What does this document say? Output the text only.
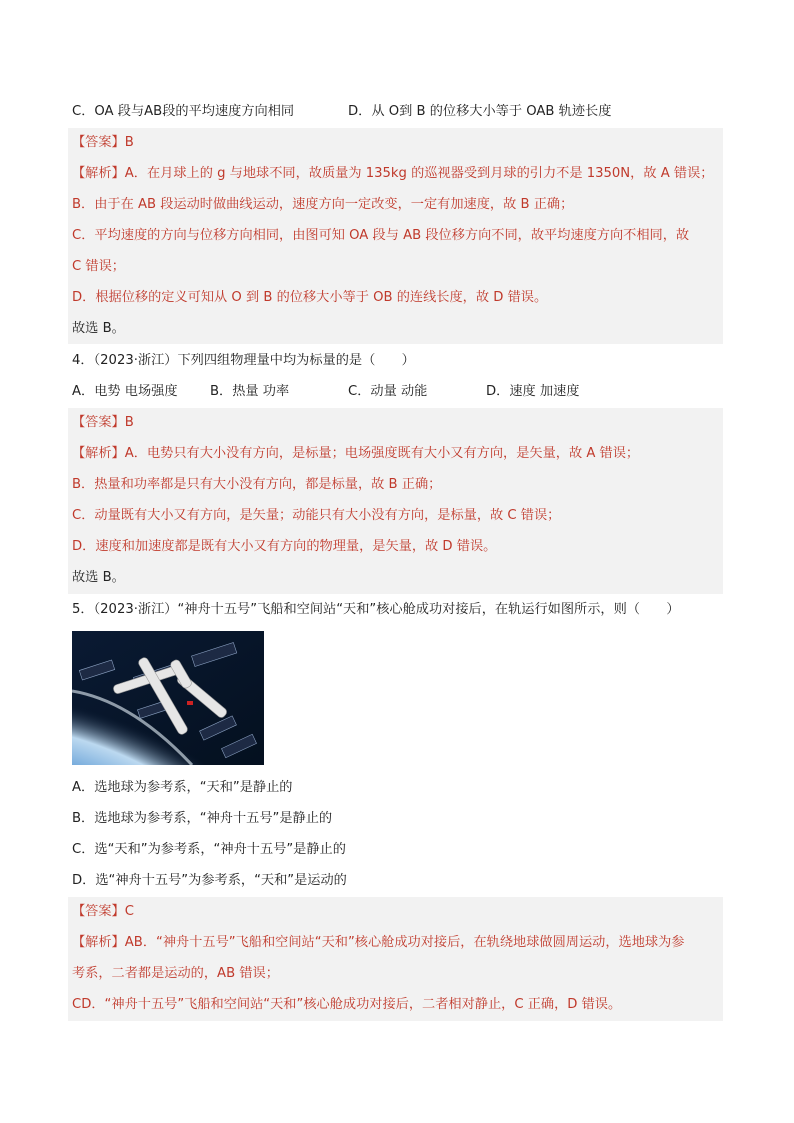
C．OA 段与AB段的平均速度方向相同	D．从 O到 B 的位移大小等于 OAB 轨迹长度
【答案】B
【解析】A．在月球上的 g 与地球不同，故质量为 135kg 的巡视器受到月球的引力不是 1350N，故 A 错误；
B．由于在 AB 段运动时做曲线运动，速度方向一定改变，一定有加速度，故 B 正确；
C．平均速度的方向与位移方向相同，由图可知 OA 段与 AB 段位移方向不同，故平均速度方向不相同，故
C 错误；
D．根据位移的定义可知从 O 到 B 的位移大小等于 OB 的连线长度，故 D 错误。
故选 B。
4．（2023·浙江）下列四组物理量中均为标量的是（　　）
A．电势 电场强度 B．热量 功率	C．动量 动能	D．速度 加速度
【答案】B
【解析】A．电势只有大小没有方向，是标量；电场强度既有大小又有方向，是矢量，故 A 错误；
B．热量和功率都是只有大小没有方向，都是标量，故 B 正确；
C．动量既有大小又有方向，是矢量；动能只有大小没有方向，是标量，故 C 错误；
D．速度和加速度都是既有大小又有方向的物理量，是矢量，故 D 错误。
故选 B。
5．（2023·浙江）“神舟十五号”飞船和空间站“天和”核心舱成功对接后，在轨运行如图所示，则（　　）
A．选地球为参考系，“天和”是静止的
B．选地球为参考系，“神舟十五号”是静止的
C．选“天和”为参考系，“神舟十五号”是静止的
D．选“神舟十五号”为参考系，“天和”是运动的
【答案】C
【解析】AB．“神舟十五号”飞船和空间站“天和”核心舱成功对接后，在轨绕地球做圆周运动，选地球为参
考系，二者都是运动的，AB 错误；
CD．“神舟十五号”飞船和空间站“天和”核心舱成功对接后，二者相对静止，C 正确，D 错误。
